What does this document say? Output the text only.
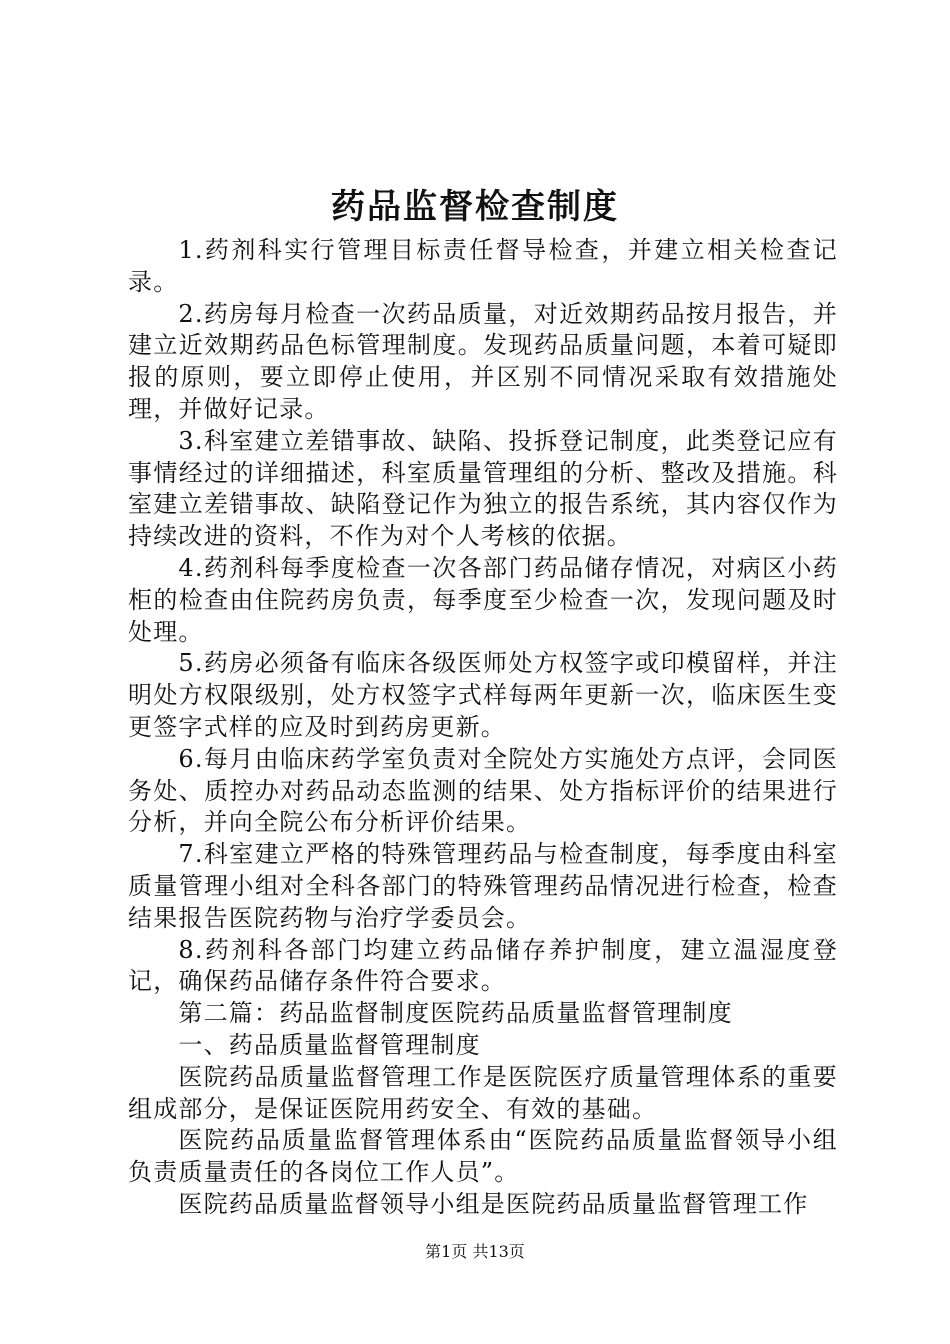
药品监督检查制度

1.药剂科实行管理目标责任督导检查，并建立相关检查记录。

2.药房每月检查一次药品质量，对近效期药品按月报告，并建立近效期药品色标管理制度。发现药品质量问题，本着可疑即报的原则，要立即停止使用，并区别不同情况采取有效措施处理，并做好记录。

3.科室建立差错事故、缺陷、投拆登记制度，此类登记应有事情经过的详细描述，科室质量管理组的分析、整改及措施。科室建立差错事故、缺陷登记作为独立的报告系统，其内容仅作为持续改进的资料，不作为对个人考核的依据。

4.药剂科每季度检查一次各部门药品储存情况，对病区小药柜的检查由住院药房负责，每季度至少检查一次，发现问题及时处理。

5.药房必须备有临床各级医师处方权签字或印模留样，并注明处方权限级别，处方权签字式样每两年更新一次，临床医生变更签字式样的应及时到药房更新。

6.每月由临床药学室负责对全院处方实施处方点评，会同医务处、质控办对药品动态监测的结果、处方指标评价的结果进行分析，并向全院公布分析评价结果。

7.科室建立严格的特殊管理药品与检查制度，每季度由科室质量管理小组对全科各部门的特殊管理药品情况进行检查，检查结果报告医院药物与治疗学委员会。

8.药剂科各部门均建立药品储存养护制度，建立温湿度登记，确保药品储存条件符合要求。

第二篇：药品监督制度医院药品质量监督管理制度

一、药品质量监督管理制度

医院药品质量监督管理工作是医院医疗质量管理体系的重要组成部分，是保证医院用药安全、有效的基础。

医院药品质量监督管理体系由“医院药品质量监督领导小组负责质量责任的各岗位工作人员”。

医院药品质量监督领导小组是医院药品质量监督管理工作

第1页 共13页
